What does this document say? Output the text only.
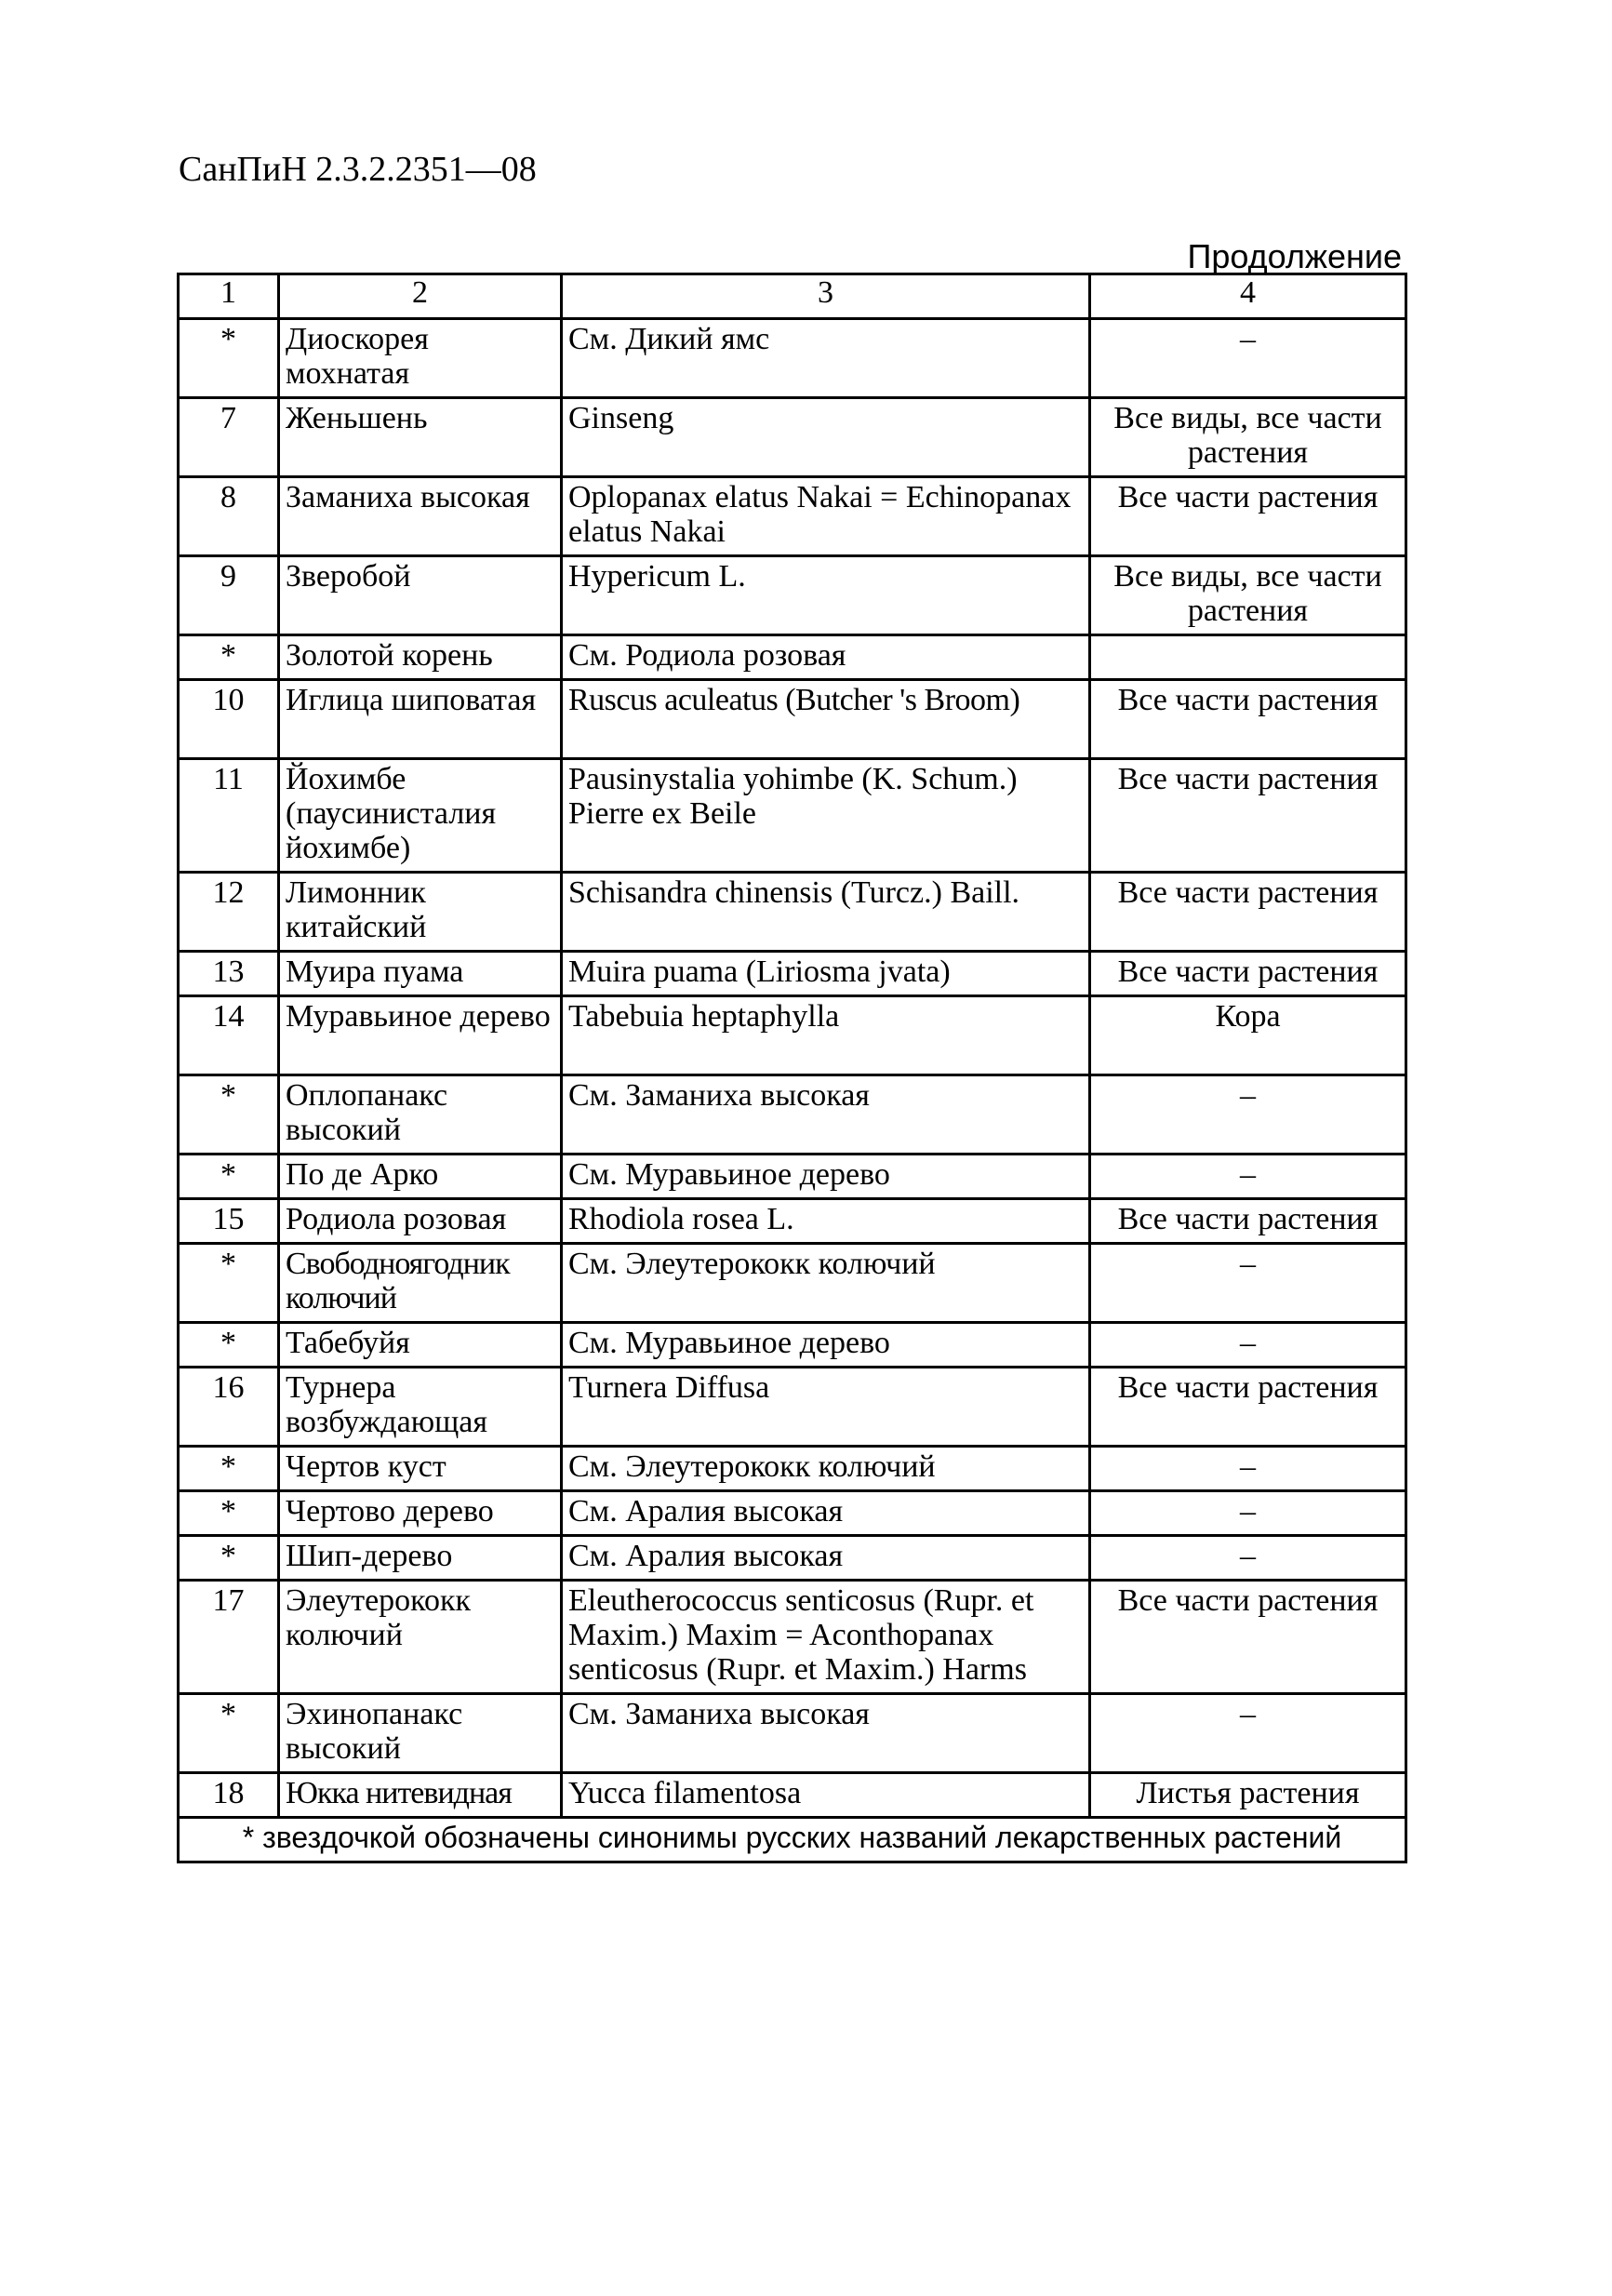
СанПиН 2.3.2.2351—08
Продолжение
1	2	3	4
*	Диоскорея мохнатая	См. Дикий ямс	–
7	Женьшень	Ginseng	Все виды, все части растения
8	Заманиха высокая	Oplopanax elatus Nakai = Echinopanax elatus Nakai	Все части растения
9	Зверобой	Hypericum L.	Все виды, все части растения
*	Золотой корень	См. Родиола розовая	
10	Иглица шиповатая	Ruscus aculeatus (Butcher 's Broom)	Все части растения
11	Йохимбе (паусинисталия йохимбе)	Pausinystalia yohimbe (K. Schum.) Pierre ex Beile	Все части растения
12	Лимонник китайский	Schisandra chinensis (Turcz.) Baill.	Все части растения
13	Муира пуама	Muira puama (Liriosma jvata)	Все части растения
14	Муравьиное дерево	Tabebuia heptaphylla	Кора
*	Оплопанакс высокий	См. Заманиха высокая	–
*	По де Арко	См. Муравьиное дерево	–
15	Родиола розовая	Rhodiola rosea L.	Все части растения
*	Свободноягодник колючий	См. Элеутерококк колючий	–
*	Табебуйя	См. Муравьиное дерево	–
16	Турнера возбуждающая	Turnera Diffusa	Все части растения
*	Чертов куст	См. Элеутерококк колючий	–
*	Чертово дерево	См. Аралия высокая	–
*	Шип-дерево	См. Аралия высокая	–
17	Элеутерококк колючий	Eleutherococcus senticosus (Rupr. et Maxim.) Maxim = Aconthopanax senticosus (Rupr. et Maxim.) Harms	Все части растения
*	Эхинопанакс высокий	См. Заманиха высокая	–
18	Юкка нитевидная	Yucca filamentosa	Листья растения
* звездочкой обозначены синонимы русских названий лекарственных растений			
